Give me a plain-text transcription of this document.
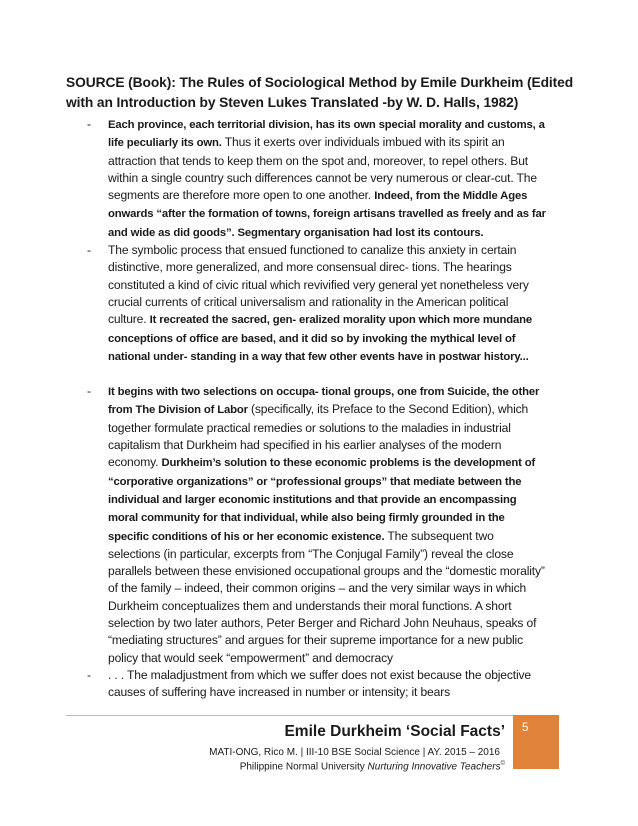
SOURCE (Book): The Rules of Sociological Method by Emile Durkheim (Edited with an Introduction by Steven Lukes Translated -by W. D. Halls, 1982)
- Each province, each territorial division, has its own special morality and customs, a life peculiarly its own. Thus it exerts over individuals imbued with its spirit an attraction that tends to keep them on the spot and, moreover, to repel others. But within a single country such differences cannot be very numerous or clear-cut. The segments are therefore more open to one another. Indeed, from the Middle Ages onwards “after the formation of towns, foreign artisans travelled as freely and as far and wide as did goods”. Segmentary organisation had lost its contours.
- The symbolic process that ensued functioned to canalize this anxiety in certain distinctive, more generalized, and more consensual direc- tions. The hearings constituted a kind of civic ritual which revivified very general yet nonetheless very crucial currents of critical universalism and rationality in the American political culture. It recreated the sacred, gen- eralized morality upon which more mundane conceptions of office are based, and it did so by invoking the mythical level of national under- standing in a way that few other events have in postwar history...
- It begins with two selections on occupa- tional groups, one from Suicide, the other from The Division of Labor (specifically, its Preface to the Second Edition), which together formulate practical remedies or solutions to the maladies in industrial capitalism that Durkheim had specified in his earlier analyses of the modern economy. Durkheim’s solution to these economic problems is the development of “corporative organizations” or “professional groups” that mediate between the individual and larger economic institutions and that provide an encompassing moral community for that individual, while also being firmly grounded in the specific conditions of his or her economic existence. The subsequent two selections (in particular, excerpts from “The Conjugal Family”) reveal the close parallels between these envisioned occupational groups and the “domestic morality” of the family – indeed, their common origins – and the very similar ways in which Durkheim conceptualizes them and understands their moral functions. A short selection by two later authors, Peter Berger and Richard John Neuhaus, speaks of “mediating structures” and argues for their supreme importance for a new public policy that would seek “empowerment” and democracy
- . . . The maladjustment from which we suffer does not exist because the objective causes of suffering have increased in number or intensity; it bears
5
Emile Durkheim ‘Social Facts’
MATI-ONG, Rico M. | III-10 BSE Social Science | AY. 2015 – 2016
Philippine Normal University Nurturing Innovative Teachers©
